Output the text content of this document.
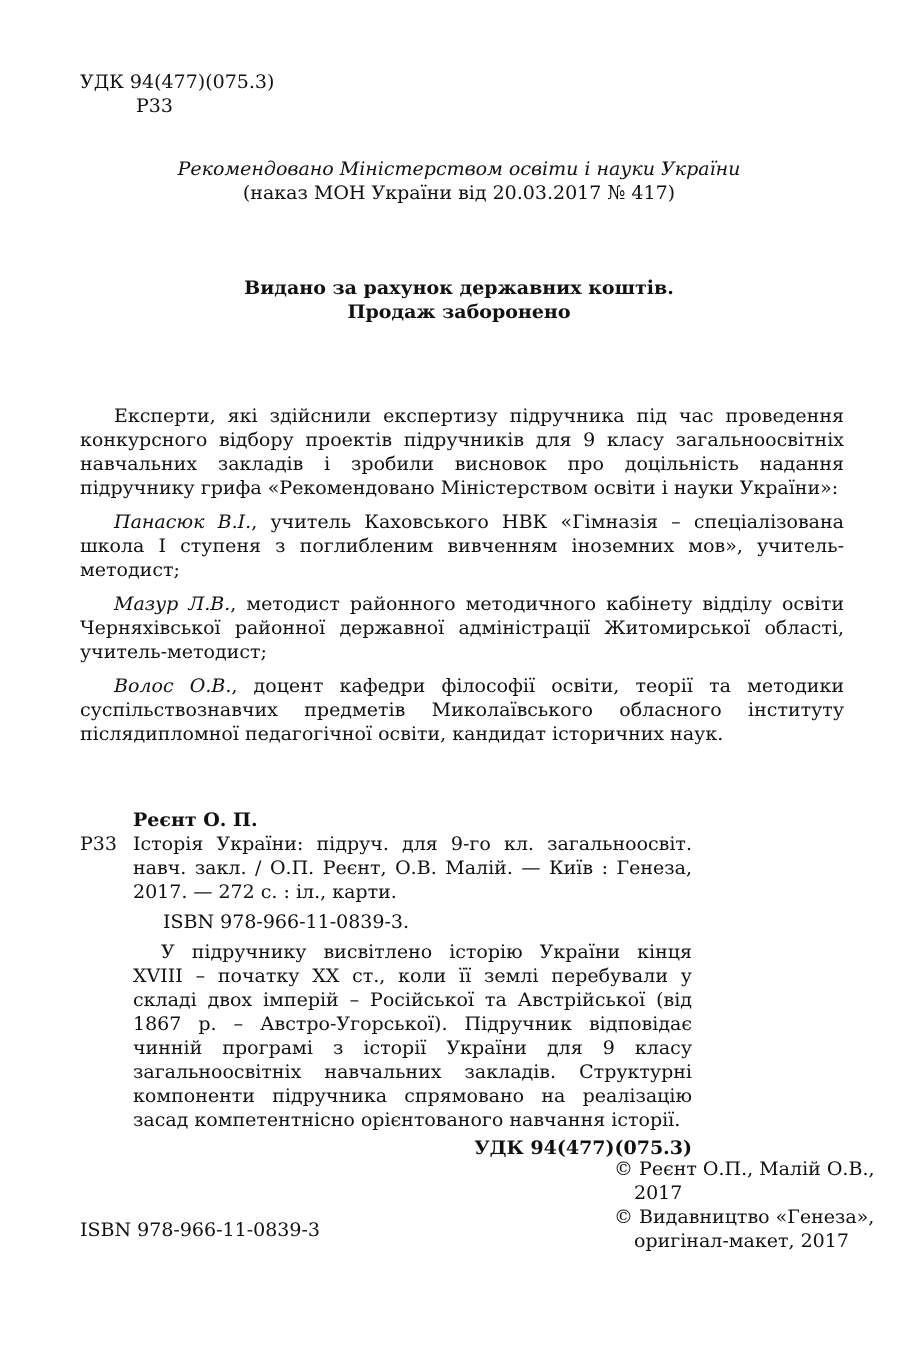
УДК 94(477)(075.3)
Р33
Рекомендовано Міністерством освіти і науки України
(наказ МОН України від 20.03.2017 № 417)
Видано за рахунок державних коштів.
Продаж заборонено

Експерти, які здійснили експертизу підручника під час проведення конкурсного відбору проектів підручників для 9 класу загальноосвітніх навчальних закладів і зробили висновок про доцільність надання підручнику грифа «Рекомендовано Міністерством освіти і науки України»:

Панасюк В.І., учитель Каховського НВК «Гімназія – спеціалізована школа І ступеня з поглибленим вивченням іноземних мов», учитель-методист;

Мазур Л.В., методист районного методичного кабінету відділу освіти Черняхівської районної державної адміністрації Житомирської області, учитель-методист;

Волос О.В., доцент кафедри філософії освіти, теорії та методики суспільствознавчих предметів Миколаївського обласного інституту післядипломної педагогічної освіти, кандидат історичних наук.

Реєнт О. П.
Р33 Історія України: підруч. для 9-го кл. загальноосвіт. навч. закл. / О.П. Реєнт, О.В. Малій. — Київ : Генеза, 2017. — 272 с. : іл., карти.
ISBN 978-966-11-0839-3.
У підручнику висвітлено історію України кінця XVIII – початку XX ст., коли її землі перебували у складі двох імперій – Російської та Австрійської (від 1867 р. – Австро-Угорської). Підручник відповідає чинній програмі з історії України для 9 класу загальноосвітніх навчальних закладів. Структурні компоненти підручника спрямовано на реалізацію засад компетентнісно орієнтованого навчання історії.
УДК 94(477)(075.3)
ISBN 978-966-11-0839-3
© Реєнт О.П., Малій О.В.,
2017
© Видавництво «Генеза»,
оригінал-макет, 2017
